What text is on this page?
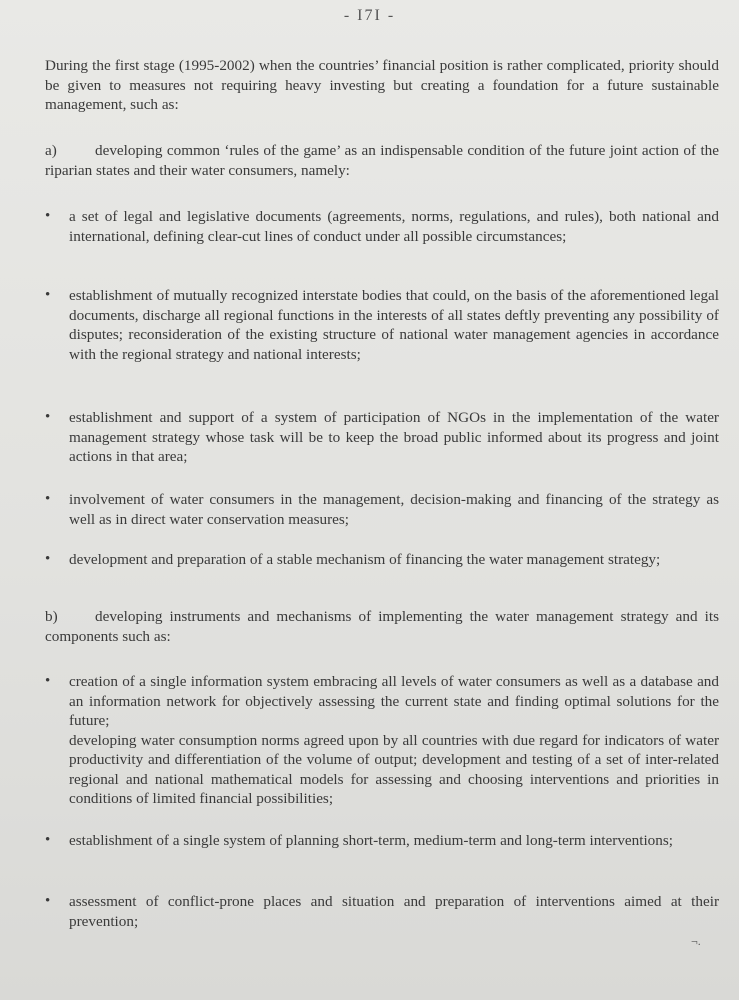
- I7I -

During the first stage (1995-2002) when the countries’ financial position is rather complicated, priority should be given to measures not requiring heavy investing but creating a foundation for a future sustainable management, such as:

a)	developing common ‘rules of the game’ as an indispensable condition of the future joint action of the riparian states and their water consumers, namely:

•	a set of legal and legislative documents (agreements, norms, regulations, and rules), both national and international, defining clear-cut lines of conduct under all possible circumstances;
•	establishment of mutually recognized interstate bodies that could, on the basis of the aforementioned legal documents, discharge all regional functions in the interests of all states deftly preventing any possibility of disputes; reconsideration of the existing structure of national water management agencies in accordance with the regional strategy and national interests;
•	establishment and support of a system of participation of NGOs in the implementation of the water management strategy whose task will be to keep the broad public informed about its progress and joint actions in that area;
•	involvement of water consumers in the management, decision-making and financing of the strategy as well as in direct water conservation measures;
•	development and preparation of a stable mechanism of financing the water management strategy;

b) developing instruments and mechanisms of implementing the water management strategy and its components such as:

•	creation of a single information system embracing all levels of water consumers as well as a database and an information network for objectively assessing the current state and finding optimal solutions for the future;
developing water consumption norms agreed upon by all countries with due regard for indicators of water productivity and differentiation of the volume of output; development and testing of a set of inter-related regional and national mathematical models for assessing and choosing interventions and priorities in conditions of limited financial possibilities;
•	establishment of a single system of planning short-term, medium-term and long-term interventions;
•	assessment of conflict-prone places and situation and preparation of interventions aimed at their prevention;
¬.
